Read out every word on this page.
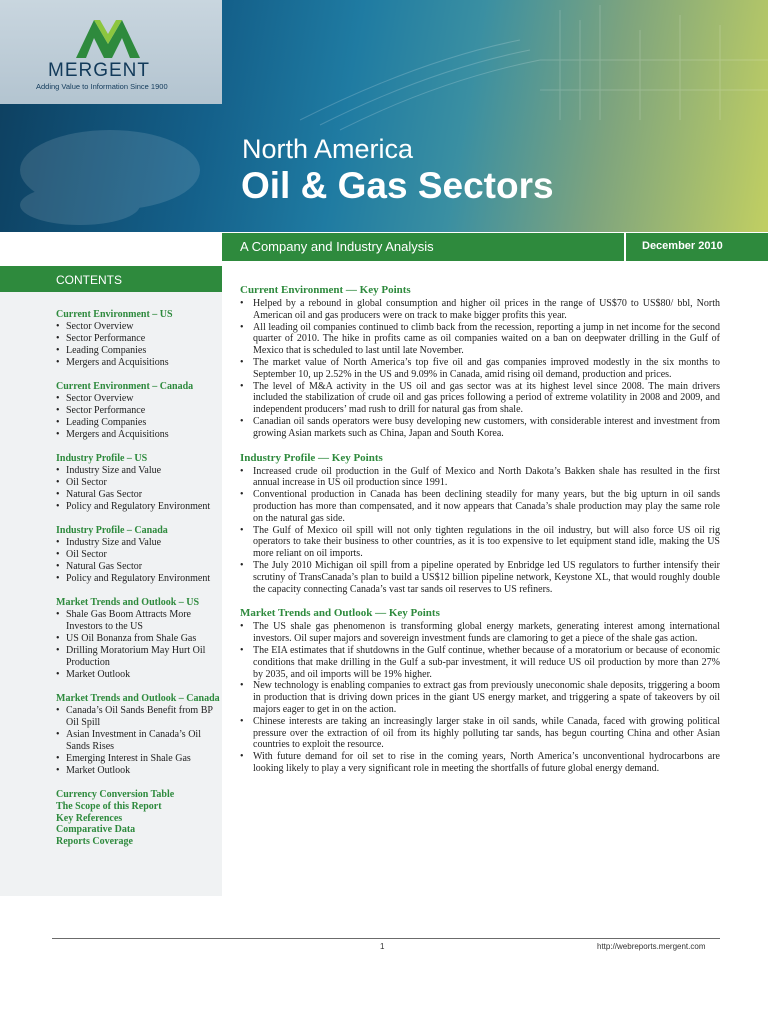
MERGENT
Adding Value to Information Since 1900
North America
Oil & Gas Sectors
A Company and Industry Analysis	December 2010
CONTENTS
Current Environment – US
• Sector Overview
• Sector Performance
• Leading Companies
• Mergers and Acquisitions
Current Environment – Canada
• Sector Overview
• Sector Performance
• Leading Companies
• Mergers and Acquisitions
Industry Profile – US
• Industry Size and Value
• Oil Sector
• Natural Gas Sector
• Policy and Regulatory Environment
Industry Profile – Canada
• Industry Size and Value
• Oil Sector
• Natural Gas Sector
• Policy and Regulatory Environment
Market Trends and Outlook – US
• Shale Gas Boom Attracts More Investors to the US
• US Oil Bonanza from Shale Gas
• Drilling Moratorium May Hurt Oil Production
• Market Outlook
Market Trends and Outlook – Canada
• Canada’s Oil Sands Benefit from BP Oil Spill
• Asian Investment in Canada’s Oil Sands Rises
• Emerging Interest in Shale Gas
• Market Outlook
Currency Conversion Table
The Scope of this Report
Key References
Comparative Data
Reports Coverage
Current Environment — Key Points
• Helped by a rebound in global consumption and higher oil prices in the range of US$70 to US$80/ bbl, North American oil and gas producers were on track to make bigger profits this year.
• All leading oil companies continued to climb back from the recession, reporting a jump in net income for the second quarter of 2010. The hike in profits came as oil companies waited on a ban on deepwater drilling in the Gulf of Mexico that is scheduled to last until late November.
• The market value of North America’s top five oil and gas companies improved modestly in the six months to September 10, up 2.52% in the US and 9.09% in Canada, amid rising oil demand, production and prices.
• The level of M&A activity in the US oil and gas sector was at its highest level since 2008. The main drivers included the stabilization of crude oil and gas prices following a period of extreme volatility in 2008 and 2009, and independent producers’ mad rush to drill for natural gas from shale.
• Canadian oil sands operators were busy developing new customers, with considerable interest and investment from growing Asian markets such as China, Japan and South Korea.
Industry Profile — Key Points
• Increased crude oil production in the Gulf of Mexico and North Dakota’s Bakken shale has resulted in the first annual increase in US oil production since 1991.
• Conventional production in Canada has been declining steadily for many years, but the big upturn in oil sands production has more than compensated, and it now appears that Canada’s shale production may play the same role on the natural gas side.
• The Gulf of Mexico oil spill will not only tighten regulations in the oil industry, but will also force US oil rig operators to take their business to other countries, as it is too expensive to let equipment stand idle, making the US more reliant on oil imports.
• The July 2010 Michigan oil spill from a pipeline operated by Enbridge led US regulators to further intensify their scrutiny of TransCanada’s plan to build a US$12 billion pipeline network, Keystone XL, that would roughly double the capacity connecting Canada’s vast tar sands oil reserves to US refiners.
Market Trends and Outlook — Key Points
• The US shale gas phenomenon is transforming global energy markets, generating interest among international investors. Oil super majors and sovereign investment funds are clamoring to get a piece of the shale gas action.
• The EIA estimates that if shutdowns in the Gulf continue, whether because of a moratorium or because of economic conditions that make drilling in the Gulf a sub-par investment, it will reduce US oil production by more than 27% by 2035, and oil imports will be 19% higher.
• New technology is enabling companies to extract gas from previously uneconomic shale deposits, triggering a boom in production that is driving down prices in the giant US energy market, and triggering a spate of takeovers by oil majors eager to get in on the action.
• Chinese interests are taking an increasingly larger stake in oil sands, while Canada, faced with growing political pressure over the extraction of oil from its highly polluting tar sands, has begun courting China and other Asian countries to exploit the resource.
• With future demand for oil set to rise in the coming years, North America’s unconventional hydrocarbons are looking likely to play a very significant role in meeting the shortfalls of future global energy demand.
1	http://webreports.mergent.com
